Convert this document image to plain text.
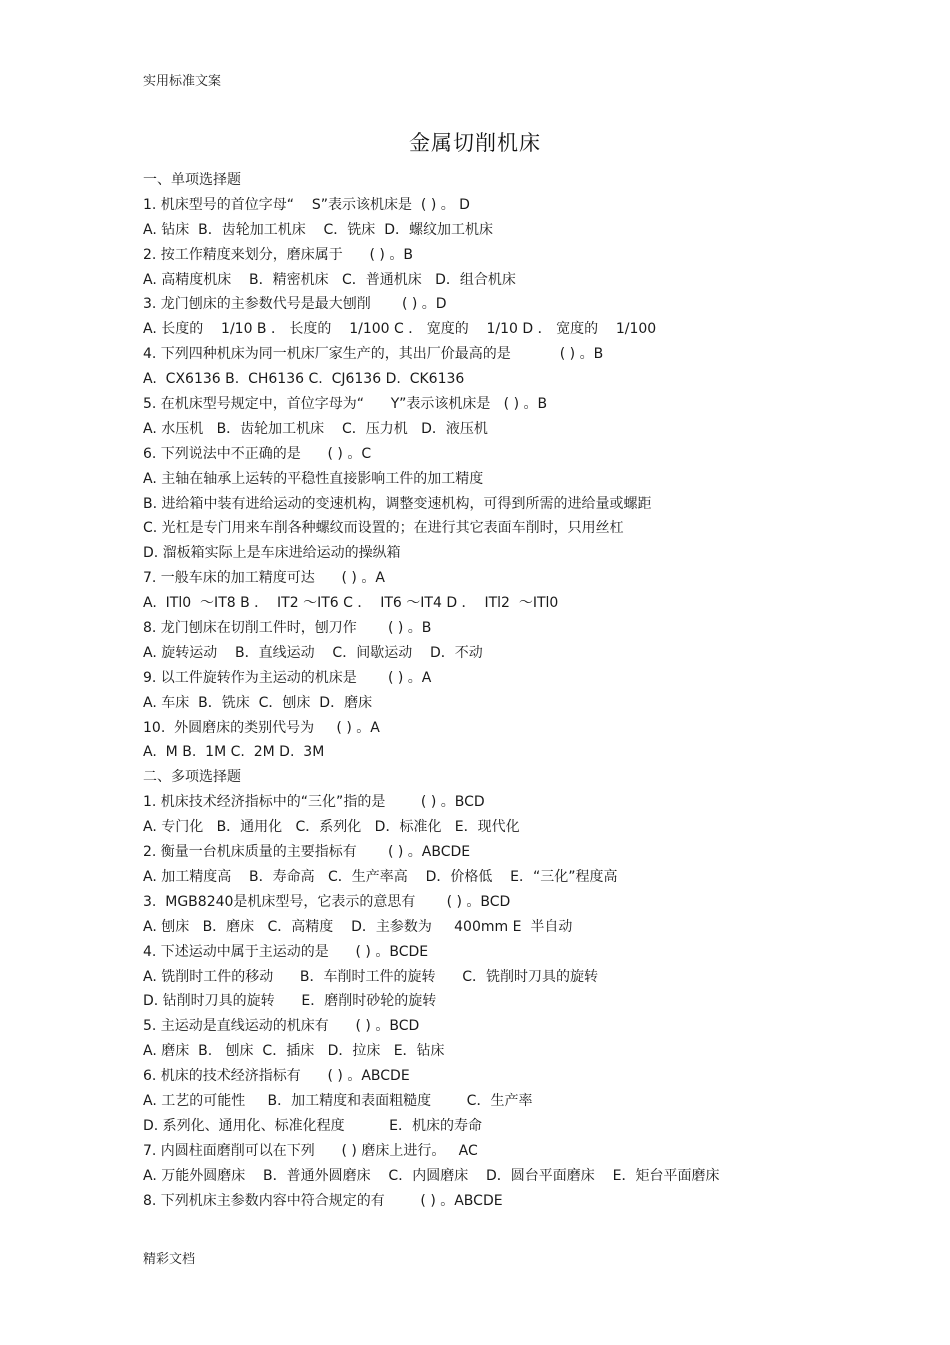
实用标准文案
金属切削机床
一、单项选择题
1. 机床型号的首位字母“    S”表示该机床是  ( ) 。 D
A. 钻床  B．齿轮加工机床    C．铣床  D．螺纹加工机床
2. 按工作精度来划分，磨床属于      ( ) 。B
A. 高精度机床    B．精密机床   C．普通机床   D．组合机床
3. 龙门刨床的主参数代号是最大刨削       ( ) 。D
A. 长度的    1/10 B ． 长度的    1/100 C ． 宽度的    1/10 D ． 宽度的    1/100
4. 下列四种机床为同一机床厂家生产的，其出厂价最高的是           ( ) 。B
A.  CX6136 B.  CH6136 C.  CJ6136 D.  CK6136
5. 在机床型号规定中，首位字母为“      Y”表示该机床是   ( ) 。B
A. 水压机   B．齿轮加工机床    C．压力机   D．液压机
6. 下列说法中不正确的是      ( ) 。C
A. 主轴在轴承上运转的平稳性直接影响工件的加工精度
B. 进给箱中装有进给运动的变速机构，调整变速机构，可得到所需的进给量或螺距
C. 光杠是专门用来车削各种螺纹而设置的；在进行其它表面车削时，只用丝杠
D. 溜板箱实际上是车床进给运动的操纵箱
7. 一般车床的加工精度可达      ( ) 。A
A.  ITl0  ～IT8 B ．  IT2 ～IT6 C ．  IT6 ～IT4 D ．  ITl2  ～ITl0
8. 龙门刨床在切削工件时，刨刀作       ( ) 。B
A. 旋转运动    B．直线运动    C．间歇运动    D．不动
9. 以工件旋转作为主运动的机床是       ( ) 。A
A. 车床  B．铣床  C．刨床  D．磨床
10.  外圆磨床的类别代号为     ( ) 。A
A.  M B.  1M C.  2M D.  3M
二、多项选择题
1. 机床技术经济指标中的“三化”指的是        ( ) 。BCD
A. 专门化   B．通用化   C．系列化   D．标准化   E．现代化
2. 衡量一台机床质量的主要指标有       ( ) 。ABCDE
A. 加工精度高    B．寿命高   C．生产率高    D．价格低    E．“三化”程度高
3.  MGB8240是机床型号，它表示的意思有       ( ) 。BCD
A. 刨床   B．磨床   C．高精度    D．主参数为     400mm E  半自动
4. 下述运动中属于主运动的是      ( ) 。BCDE
A. 铣削时工件的移动      B．车削时工件的旋转      C．铣削时刀具的旋转
D. 钻削时刀具的旋转      E．磨削时砂轮的旋转
5. 主运动是直线运动的机床有      ( ) 。BCD
A. 磨床  B.   刨床  C．插床   D．拉床   E．钻床
6. 机床的技术经济指标有      ( ) 。ABCDE
A. 工艺的可能性     B．加工精度和表面粗糙度        C．生产率
D. 系列化、通用化、标准化程度          E．机床的寿命
7. 内圆柱面磨削可以在下列      ( ) 磨床上进行。   AC
A. 万能外圆磨床    B．普通外圆磨床    C．内圆磨床    D．圆台平面磨床    E．矩台平面磨床
8. 下列机床主参数内容中符合规定的有        ( ) 。ABCDE
精彩文档
